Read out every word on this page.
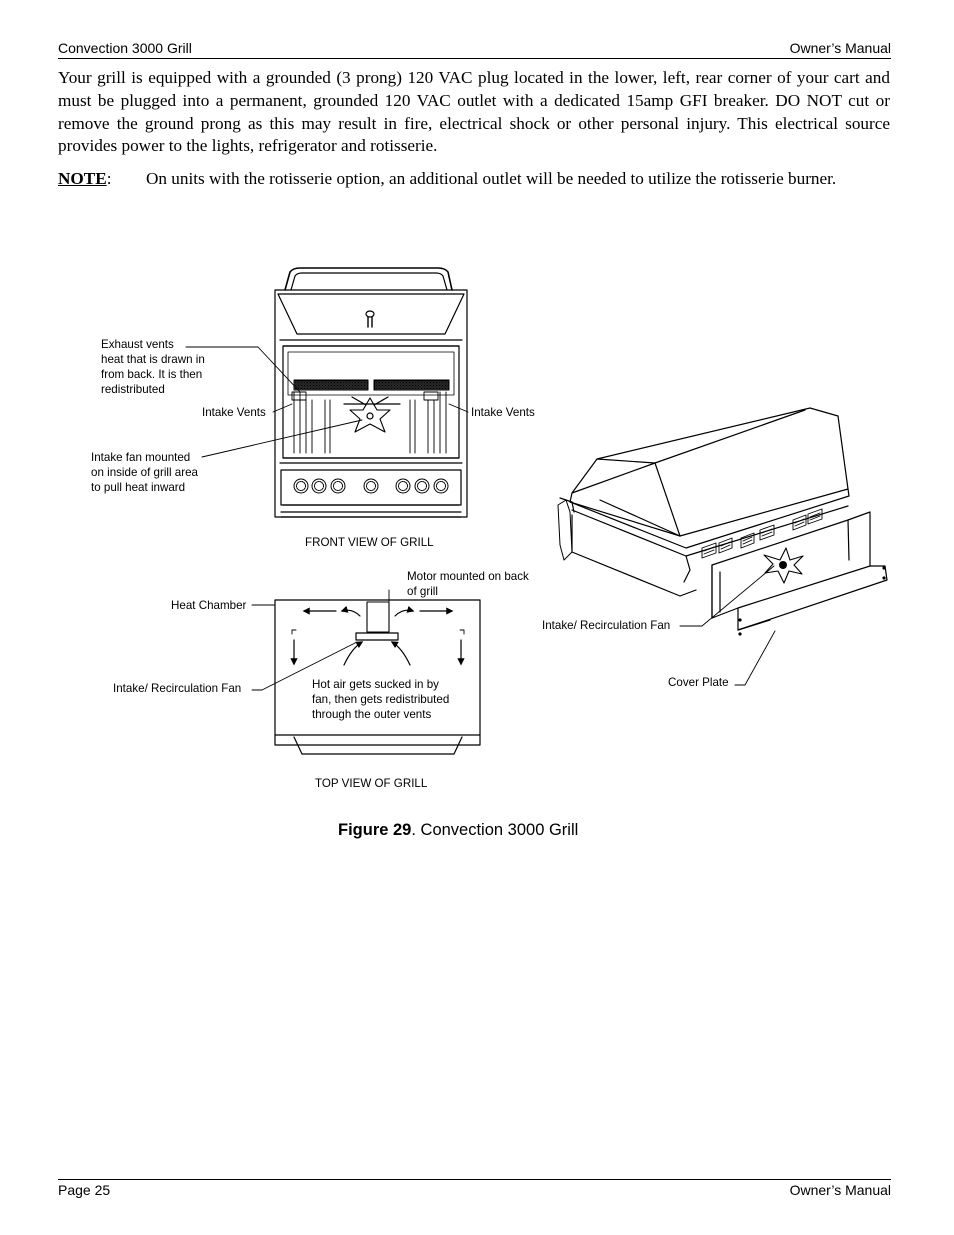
Convection 3000 Grill	Owner’s Manual
Your grill is equipped with a grounded (3 prong) 120 VAC plug located in the lower, left, rear corner of your cart and must be plugged into a permanent, grounded 120 VAC outlet with a dedicated 15amp GFI breaker. DO NOT cut or remove the ground prong as this may result in fire, electrical shock or other personal injury. This electrical source provides power to the lights, refrigerator and rotisserie.
NOTE: On units with the rotisserie option, an additional outlet will be needed to utilize the rotisserie burner.
Exhaust vents
heat that is drawn in
from back. It is then
redistributed
Intake Vents	Intake Vents
Intake fan mounted
on inside of grill area
to pull heat inward
FRONT VIEW OF GRILL
Motor mounted on back
of grill
Heat Chamber
Intake/ Recirculation Fan	Hot air gets sucked in by
fan, then gets redistributed
through the outer vents
TOP VIEW OF GRILL
Intake/ Recirculation Fan
Cover Plate
Figure 29. Convection 3000 Grill
Page 25	Owner’s Manual
